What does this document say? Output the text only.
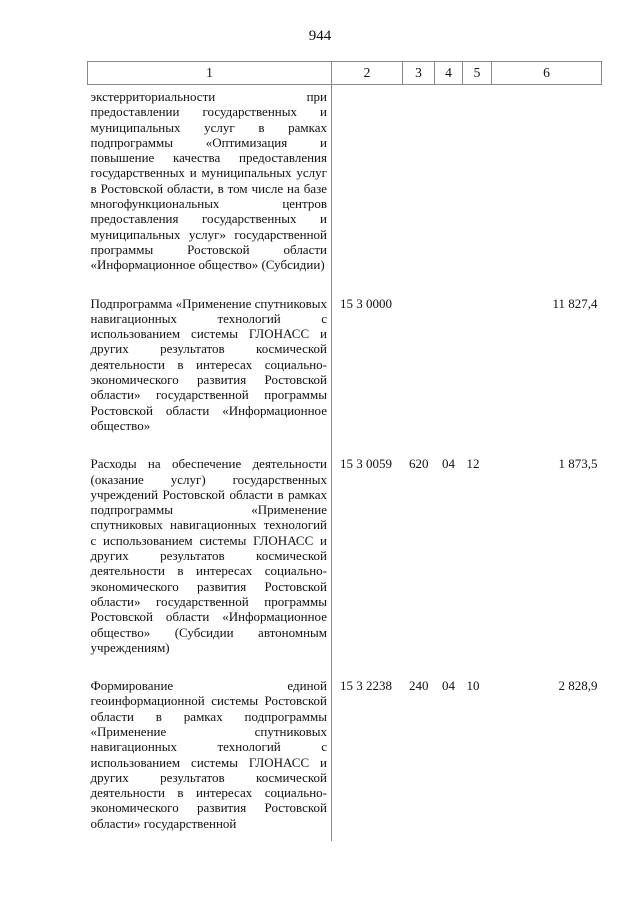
944
1	2	3	4	5	6
экстерриториальности при предоставлении государственных и муниципальных услуг в рамках подпрограммы «Оптимизация и повышение качества предоставления государственных и муниципальных услуг в Ростовской области, в том числе на базе многофункциональных центров предоставления государственных и муниципальных услуг» государственной программы Ростовской области «Информационное общество» (Субсидии)					
Подпрограмма «Применение спутниковых навигационных технологий с использованием системы ГЛОНАСС и других результатов космической деятельности в интересах социально-экономического развития Ростовской области» государственной программы Ростовской области «Информационное общество»	15 3 0000				11 827,4
Расходы на обеспечение деятельности (оказание услуг) государственных учреждений Ростовской области в рамках подпрограммы «Применение спутниковых навигационных технологий с использованием системы ГЛОНАСС и других результатов космической деятельности в интересах социально-экономического развития Ростовской области» государственной программы Ростовской области «Информационное общество» (Субсидии автономным учреждениям)	15 3 0059	620	04	12	1 873,5
Формирование единой геоинформационной системы Ростовской области в рамках подпрограммы «Применение спутниковых навигационных технологий с использованием системы ГЛОНАСС и других результатов космической деятельности в интересах социально-экономического развития Ростовской области» государственной	15 3 2238	240	04	10	2 828,9
